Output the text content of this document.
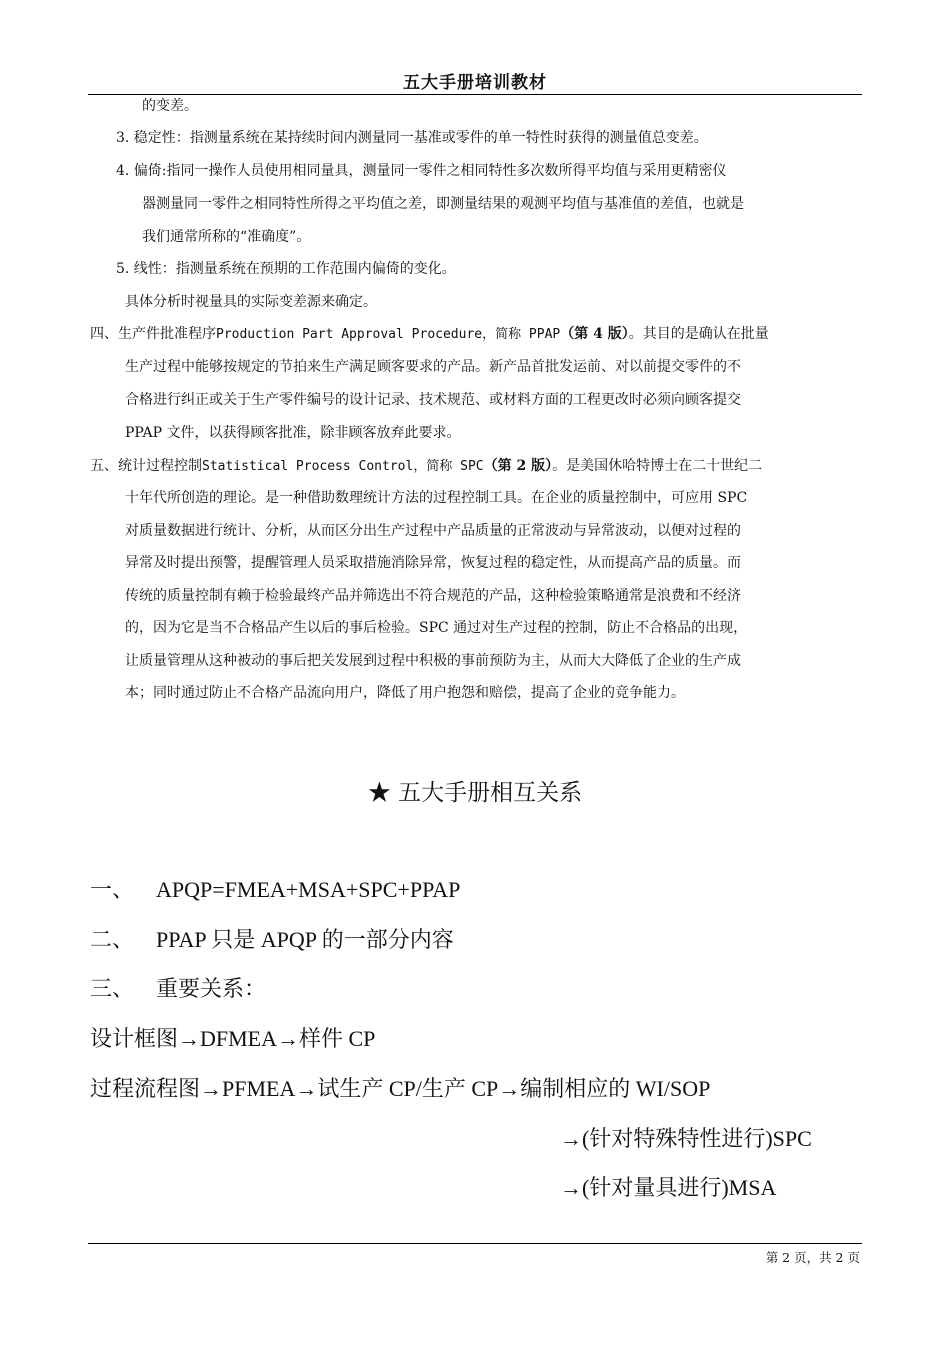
五大手册培训教材
的变差。
3. 稳定性：指测量系统在某持续时间内测量同一基准或零件的单一特性时获得的测量值总变差。
4. 偏倚:指同一操作人员使用相同量具，测量同一零件之相同特性多次数所得平均值与采用更精密仪
器测量同一零件之相同特性所得之平均值之差，即测量结果的观测平均值与基准值的差值，也就是
我们通常所称的“准确度”。
5. 线性：指测量系统在预期的工作范围内偏倚的变化。
具体分析时视量具的实际变差源来确定。
四、生产件批准程序Production Part Approval Procedure，简称 PPAP（第 4 版）。其目的是确认在批量
生产过程中能够按规定的节拍来生产满足顾客要求的产品。新产品首批发运前、对以前提交零件的不
合格进行纠正或关于生产零件编号的设计记录、技术规范、或材料方面的工程更改时必须向顾客提交
PPAP 文件，以获得顾客批准，除非顾客放弃此要求。
五、统计过程控制Statistical Process Control，简称 SPC（第 2 版）。是美国休哈特博士在二十世纪二
十年代所创造的理论。是一种借助数理统计方法的过程控制工具。在企业的质量控制中，可应用 SPC
对质量数据进行统计、分析，从而区分出生产过程中产品质量的正常波动与异常波动，以便对过程的
异常及时提出预警，提醒管理人员采取措施消除异常，恢复过程的稳定性，从而提高产品的质量。而
传统的质量控制有赖于检验最终产品并筛选出不符合规范的产品，这种检验策略通常是浪费和不经济
的，因为它是当不合格品产生以后的事后检验。SPC 通过对生产过程的控制，防止不合格品的出现，
让质量管理从这种被动的事后把关发展到过程中积极的事前预防为主，从而大大降低了企业的生产成
本；同时通过防止不合格产品流向用户，降低了用户抱怨和赔偿，提高了企业的竞争能力。
★ 五大手册相互关系
一、 APQP=FMEA+MSA+SPC+PPAP
二、 PPAP 只是 APQP 的一部分内容
三、 重要关系：
设计框图→DFMEA→样件 CP
过程流程图→PFMEA→试生产 CP/生产 CP→编制相应的 WI/SOP
→(针对特殊特性进行)SPC
→(针对量具进行)MSA
第 2 页，共 2 页
